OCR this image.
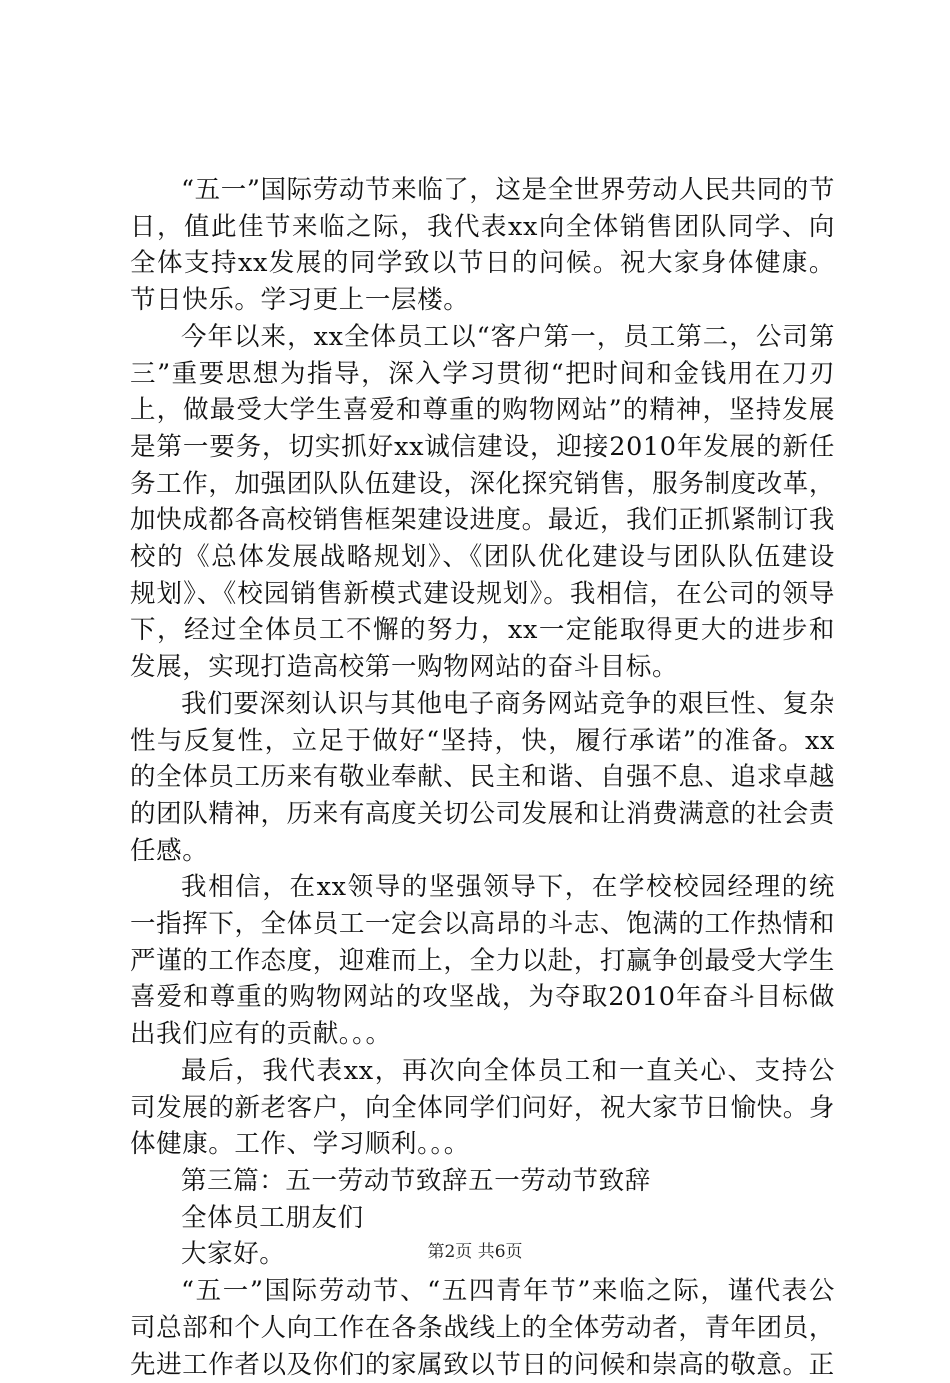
“五一”国际劳动节来临了，这是全世界劳动人民共同的节日，值此佳节来临之际，我代表xx向全体销售团队同学、向全体支持xx发展的同学致以节日的问候。祝大家身体健康。节日快乐。学习更上一层楼。

今年以来，xx全体员工以“客户第一，员工第二，公司第三”重要思想为指导，深入学习贯彻“把时间和金钱用在刀刃上，做最受大学生喜爱和尊重的购物网站”的精神，坚持发展是第一要务，切实抓好xx诚信建设，迎接2010年发展的新任务工作，加强团队队伍建设，深化探究销售，服务制度改革，加快成都各高校销售框架建设进度。最近，我们正抓紧制订我校的《总体发展战略规划》、《团队优化建设与团队队伍建设规划》、《校园销售新模式建设规划》。我相信，在公司的领导下，经过全体员工不懈的努力，xx一定能取得更大的进步和发展，实现打造高校第一购物网站的奋斗目标。

我们要深刻认识与其他电子商务网站竞争的艰巨性、复杂性与反复性，立足于做好“坚持，快，履行承诺”的准备。xx的全体员工历来有敬业奉献、民主和谐、自强不息、追求卓越的团队精神，历来有高度关切公司发展和让消费满意的社会责任感。

我相信，在xx领导的坚强领导下，在学校校园经理的统一指挥下，全体员工一定会以高昂的斗志、饱满的工作热情和严谨的工作态度，迎难而上，全力以赴，打赢争创最受大学生喜爱和尊重的购物网站的攻坚战，为夺取2010年奋斗目标做出我们应有的贡献。。。

最后，我代表xx，再次向全体员工和一直关心、支持公司发展的新老客户，向全体同学们问好，祝大家节日愉快。身体健康。工作、学习顺利。。。

第三篇：五一劳动节致辞五一劳动节致辞

全体员工朋友们

大家好。

“五一”国际劳动节、“五四青年节”来临之际，谨代表公司总部和个人向工作在各条战线上的全体劳动者，青年团员，先进工作者以及你们的家属致以节日的问候和崇高的敬意。正

第2页 共6页
